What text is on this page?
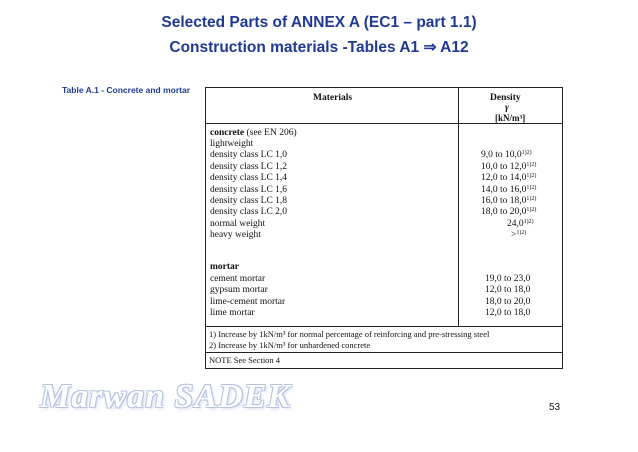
Selected Parts of ANNEX A (EC1 – part 1.1)
Construction materials -Tables A1 ⇒ A12
Table A.1 - Concrete and mortar
Materials	Density
γ
[kN/m³]
concrete (see EN 206)
lightweight
density class LC 1,0	9,0 to $10,0^{1)2)}$
density class LC 1,2	10,0 to $12,0^{1)2)}$
density class LC 1,4	12,0 to $14,0^{1)2)}$
density class LC 1,6	14,0 to $16,0^{1)2)}$
density class LC 1,8	16,0 to $18,0^{1)2)}$
density class LC 2,0	18,0 to $20,0^{1)2)}$
normal weight	$24,0^{1)2)}$
heavy weight	>$^{1)2)}$
mortar
cement mortar	19,0 to 23,0
gypsum mortar	12,0 to 18,0
lime-cement mortar	18,0 to 20,0
lime mortar	12,0 to 18,0
1) Increase by 1kN/m³ for normal percentage of reinforcing and pre-stressing steel
2) Increase by 1kN/m³ for unhardened concrete
NOTE See Section 4
Marwan SADEK	53
